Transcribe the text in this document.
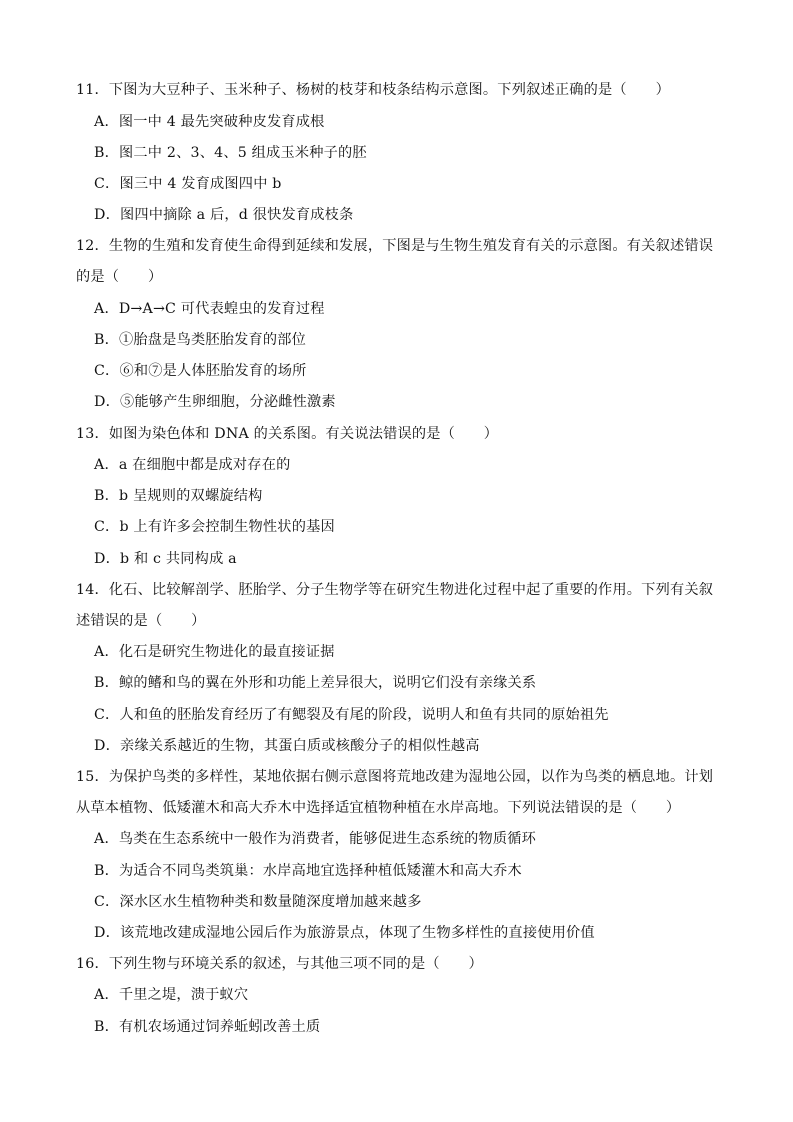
11．下图为大豆种子、玉米种子、杨树的枝芽和枝条结构示意图。下列叙述正确的是（　　）
A．图一中 4 最先突破种皮发育成根
B．图二中 2、3、4、5 组成玉米种子的胚
C．图三中 4 发育成图四中 b
D．图四中摘除 a 后，d 很快发育成枝条
12．生物的生殖和发育使生命得到延续和发展，下图是与生物生殖发育有关的示意图。有关叙述错误
的是（　　）
A．D→A→C 可代表蝗虫的发育过程
B．①胎盘是鸟类胚胎发育的部位
C．⑥和⑦是人体胚胎发育的场所
D．⑤能够产生卵细胞，分泌雌性激素
13．如图为染色体和 DNA 的关系图。有关说法错误的是（　　）
A．a 在细胞中都是成对存在的
B．b 呈规则的双螺旋结构
C．b 上有许多会控制生物性状的基因
D．b 和 c 共同构成 a
14．化石、比较解剖学、胚胎学、分子生物学等在研究生物进化过程中起了重要的作用。下列有关叙
述错误的是（　　）
A．化石是研究生物进化的最直接证据
B．鲸的鳍和鸟的翼在外形和功能上差异很大，说明它们没有亲缘关系
C．人和鱼的胚胎发育经历了有鳃裂及有尾的阶段，说明人和鱼有共同的原始祖先
D．亲缘关系越近的生物，其蛋白质或核酸分子的相似性越高
15．为保护鸟类的多样性，某地依据右侧示意图将荒地改建为湿地公园，以作为鸟类的栖息地。计划
从草本植物、低矮灌木和高大乔木中选择适宜植物种植在水岸高地。下列说法错误的是（　　）
A．鸟类在生态系统中一般作为消费者，能够促进生态系统的物质循环
B．为适合不同鸟类筑巢：水岸高地宜选择种植低矮灌木和高大乔木
C．深水区水生植物种类和数量随深度增加越来越多
D．该荒地改建成湿地公园后作为旅游景点，体现了生物多样性的直接使用价值
16．下列生物与环境关系的叙述，与其他三项不同的是（　　）
A．千里之堤，溃于蚁穴
B．有机农场通过饲养蚯蚓改善土质
